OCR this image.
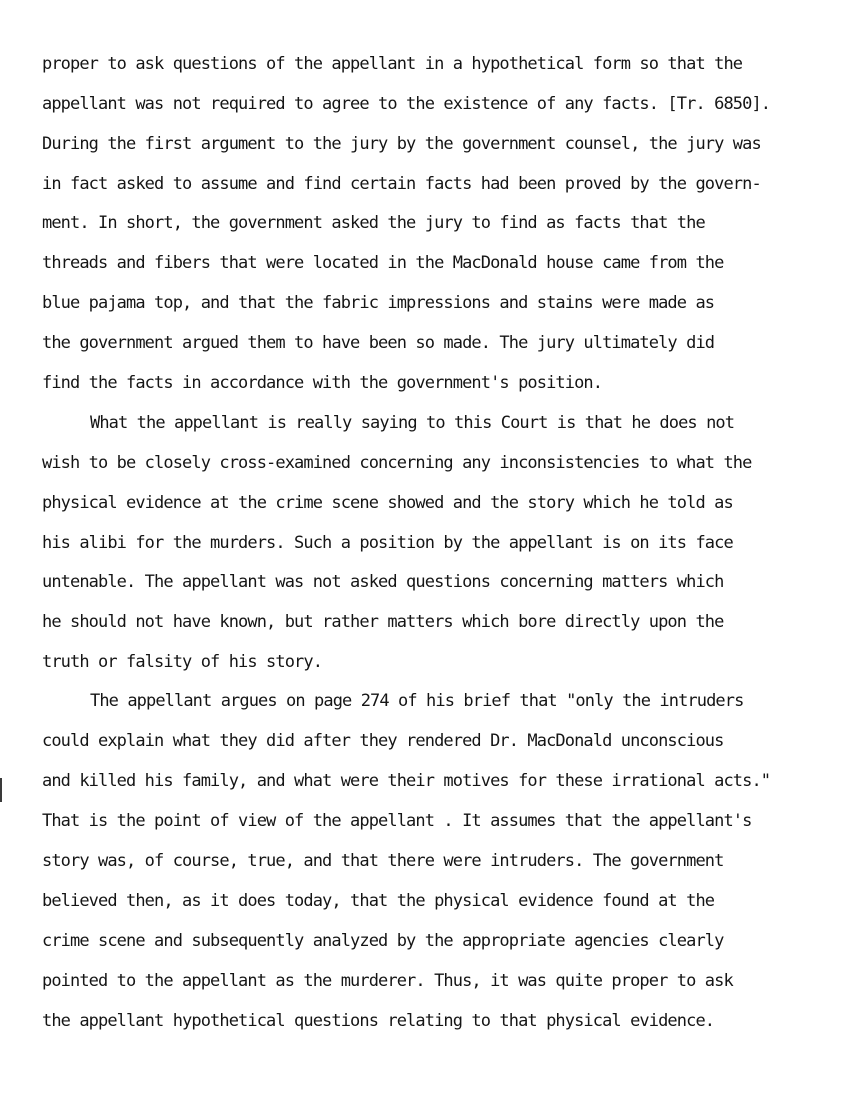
proper to ask questions of the appellant in a hypothetical form so that the
appellant was not required to agree to the existence of any facts. [Tr. 6850].
During the first argument to the jury by the government counsel, the jury was
in fact asked to assume and find certain facts had been proved by the govern-
ment. In short, the government asked the jury to find as facts that the
threads and fibers that were located in the MacDonald house came from the
blue pajama top, and that the fabric impressions and stains were made as
the government argued them to have been so made. The jury ultimately did
find the facts in accordance with the government's position.
What the appellant is really saying to this Court is that he does not
wish to be closely cross-examined concerning any inconsistencies to what the
physical evidence at the crime scene showed and the story which he told as
his alibi for the murders. Such a position by the appellant is on its face
untenable. The appellant was not asked questions concerning matters which
he should not have known, but rather matters which bore directly upon the
truth or falsity of his story.
The appellant argues on page 274 of his brief that "only the intruders
could explain what they did after they rendered Dr. MacDonald unconscious
and killed his family, and what were their motives for these irrational acts."
That is the point of view of the appellant . It assumes that the appellant's
story was, of course, true, and that there were intruders. The government
believed then, as it does today, that the physical evidence found at the
crime scene and subsequently analyzed by the appropriate agencies clearly
pointed to the appellant as the murderer. Thus, it was quite proper to ask
the appellant hypothetical questions relating to that physical evidence.
